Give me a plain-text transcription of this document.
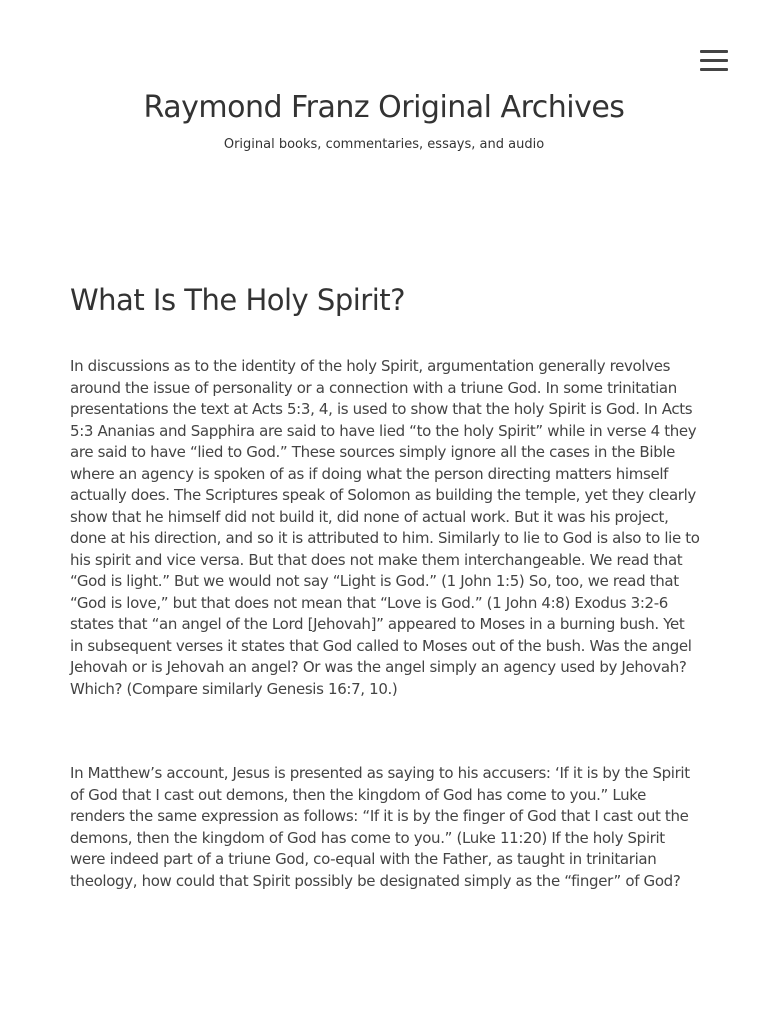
Raymond Franz Original Archives
Original books, commentaries, essays, and audio
What Is The Holy Spirit?

In discussions as to the identity of the holy Spirit, argumentation generally revolves around the issue of personality or a connection with a triune God. In some trinitatian presentations the text at Acts 5:3, 4, is used to show that the holy Spirit is God. In Acts 5:3 Ananias and Sapphira are said to have lied “to the holy Spirit” while in verse 4 they are said to have “lied to God.” These sources simply ignore all the cases in the Bible where an agency is spoken of as if doing what the person directing matters himself actually does. The Scriptures speak of Solomon as building the temple, yet they clearly show that he himself did not build it, did none of actual work. But it was his project, done at his direction, and so it is attributed to him. Similarly to lie to God is also to lie to his spirit and vice versa. But that does not make them interchangeable. We read that “God is light.” But we would not say “Light is God.” (1 John 1:5) So, too, we read that “God is love,” but that does not mean that “Love is God.” (1 John 4:8) Exodus 3:2-6 states that “an angel of the Lord [Jehovah]” appeared to Moses in a burning bush. Yet in subsequent verses it states that God called to Moses out of the bush. Was the angel Jehovah or is Jehovah an angel? Or was the angel simply an agency used by Jehovah? Which? (Compare similarly Genesis 16:7, 10.)

In Matthew’s account, Jesus is presented as saying to his accusers: ‘If it is by the Spirit of God that I cast out demons, then the kingdom of God has come to you.” Luke renders the same expression as follows: “If it is by the finger of God that I cast out the demons, then the kingdom of God has come to you.” (Luke 11:20) If the holy Spirit were indeed part of a triune God, co-equal with the Father, as taught in trinitarian theology, how could that Spirit possibly be designated simply as the “finger” of God?
